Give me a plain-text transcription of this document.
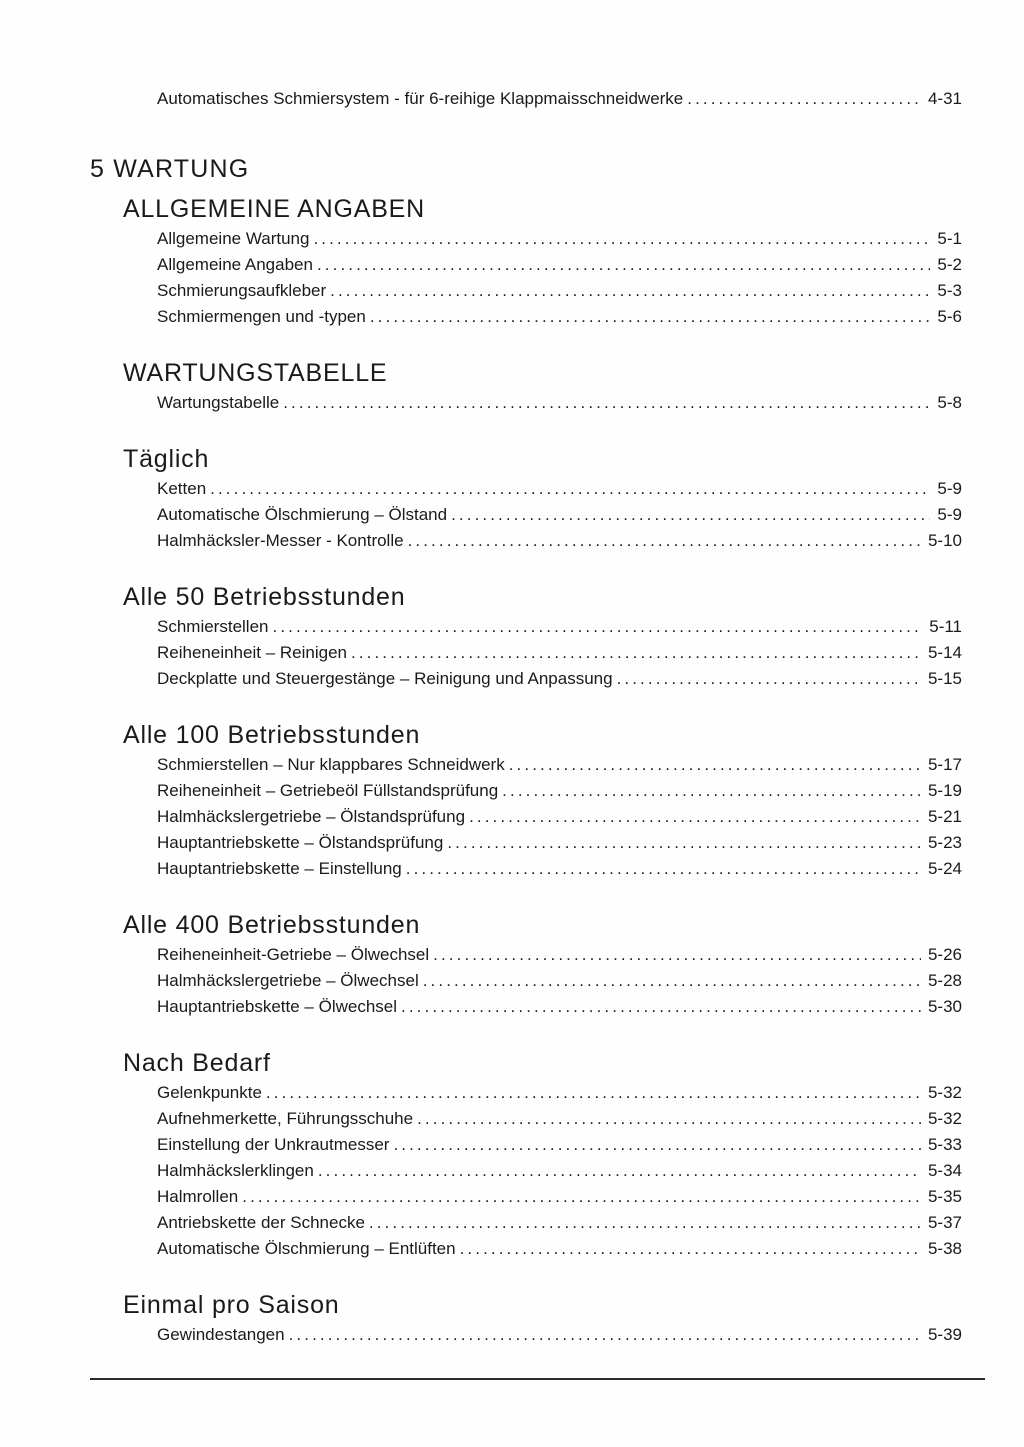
Automatisches Schmiersystem - für 6-reihige Klappmaisschneidwerke .....	4-31
5 WARTUNG
ALLGEMEINE ANGABEN
Allgemeine Wartung .....	5-1
Allgemeine Angaben .....	5-2
Schmierungsaufkleber .....	5-3
Schmiermengen und -typen .....	5-6
WARTUNGSTABELLE
Wartungstabelle .....	5-8
Täglich
Ketten .....	5-9
Automatische Ölschmierung – Ölstand .....	5-9
Halmhäcksler-Messer - Kontrolle .....	5-10
Alle 50 Betriebsstunden
Schmierstellen .....	5-11
Reiheneinheit – Reinigen .....	5-14
Deckplatte und Steuergestänge – Reinigung und Anpassung .....	5-15
Alle 100 Betriebsstunden
Schmierstellen – Nur klappbares Schneidwerk .....	5-17
Reiheneinheit – Getriebeöl Füllstandsprüfung .....	5-19
Halmhäckslergetriebe – Ölstandsprüfung .....	5-21
Hauptantriebskette – Ölstandsprüfung .....	5-23
Hauptantriebskette – Einstellung .....	5-24
Alle 400 Betriebsstunden
Reiheneinheit-Getriebe – Ölwechsel .....	5-26
Halmhäckslergetriebe – Ölwechsel .....	5-28
Hauptantriebskette – Ölwechsel .....	5-30
Nach Bedarf
Gelenkpunkte .....	5-32
Aufnehmerkette, Führungsschuhe .....	5-32
Einstellung der Unkrautmesser .....	5-33
Halmhäckslerklingen .....	5-34
Halmrollen .....	5-35
Antriebskette der Schnecke .....	5-37
Automatische Ölschmierung – Entlüften .....	5-38
Einmal pro Saison
Gewindestangen .....	5-39
